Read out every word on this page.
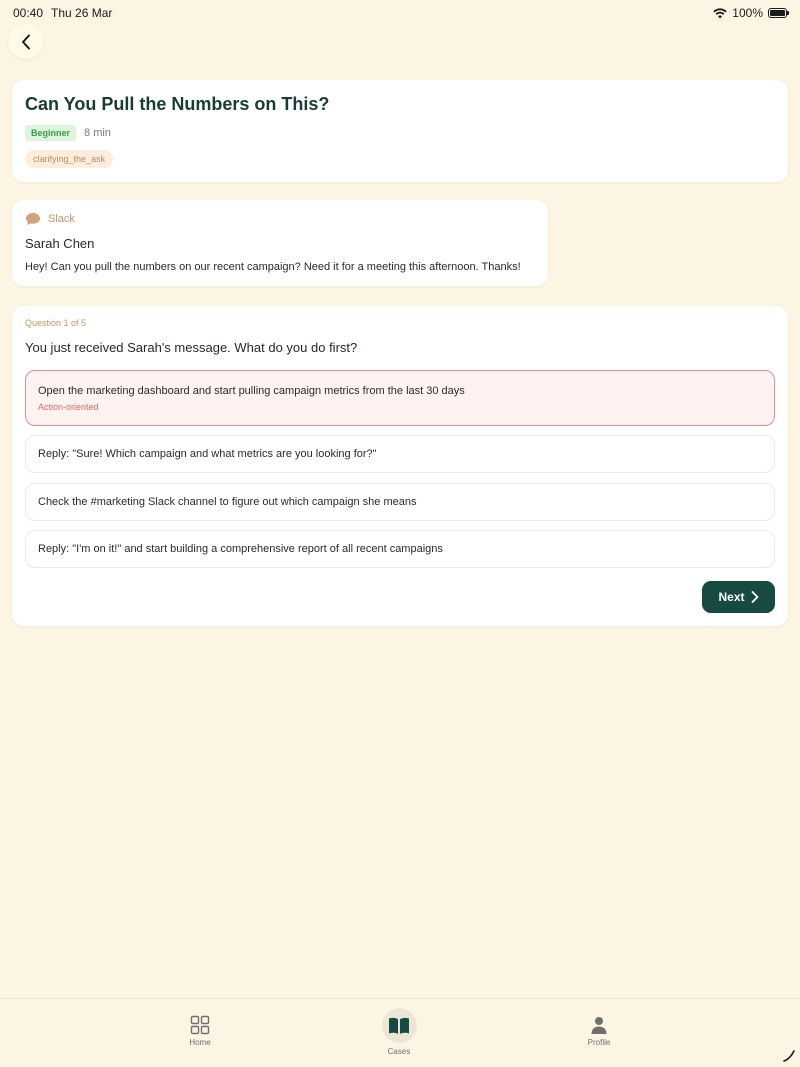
00:40 Thu 26 Mar	100%
Can You Pull the Numbers on This?
Beginner	8 min
clarifying_the_ask
Slack
Sarah Chen
Hey! Can you pull the numbers on our recent campaign? Need it for a meeting this afternoon. Thanks!
Question 1 of 5
You just received Sarah's message. What do you do first?
Open the marketing dashboard and start pulling campaign metrics from the last 30 days
Action-oriented
Reply: "Sure! Which campaign and what metrics are you looking for?"
Check the #marketing Slack channel to figure out which campaign she means
Reply: "I'm on it!" and start building a comprehensive report of all recent campaigns
Next
Home
Cases
Profile
